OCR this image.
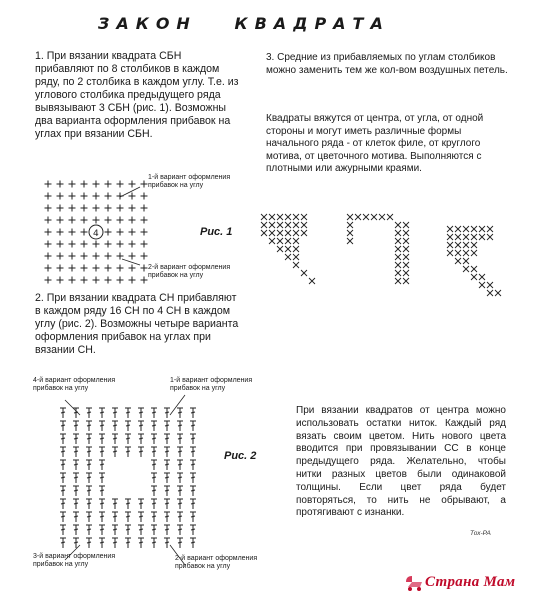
ЗАКОН   КВАДРАТА
1. При вязании квадрата СБН прибавляют по 8 столбиков в каждом ряду, по 2 столбика в каждом углу. Т.е. из углового столбика предыдущего ряда вывязывают 3 СБН (рис. 1). Возможны два варианта оформления прибавок на углах при вязании СБН.
3. Средние из прибавляемых по углам столбиков можно заменить тем же кол-вом воздушных петель.
Квадраты вяжутся от центра, от угла, от одной стороны и могут иметь различные формы начального ряда - от клеток филе, от круглого мотива, от цветочного мотива. Выполняются с плотными или ажурными краями.
2. При вязании квадрата СН прибавляют в каждом ряду 16 СН по 4 СН в каждом углу (рис. 2). Возможны четыре варианта оформления прибавок на углах при вязании СН.
При вязании квадратов от центра можно использовать остатки ниток. Каждый ряд вязать своим цветом. Нить нового цвета вводится при провязывании СС в конце предыдущего ряда. Желательно, чтобы нитки разных цветов были одинаковой толщины. Если цвет ряда будет повторяться, то нить не обрывают, а протягивают с изнанки.
4
1-й вариант оформления прибавок на углу
2-й вариант оформления прибавок на углу
Рис. 1
4-й вариант оформления прибавок на углу
1-й вариант оформления прибавок на углу
2-й вариант оформления прибавок на углу
3-й вариант оформления прибавок на углу
Рис. 2
Тох-РА
Страна Мам
